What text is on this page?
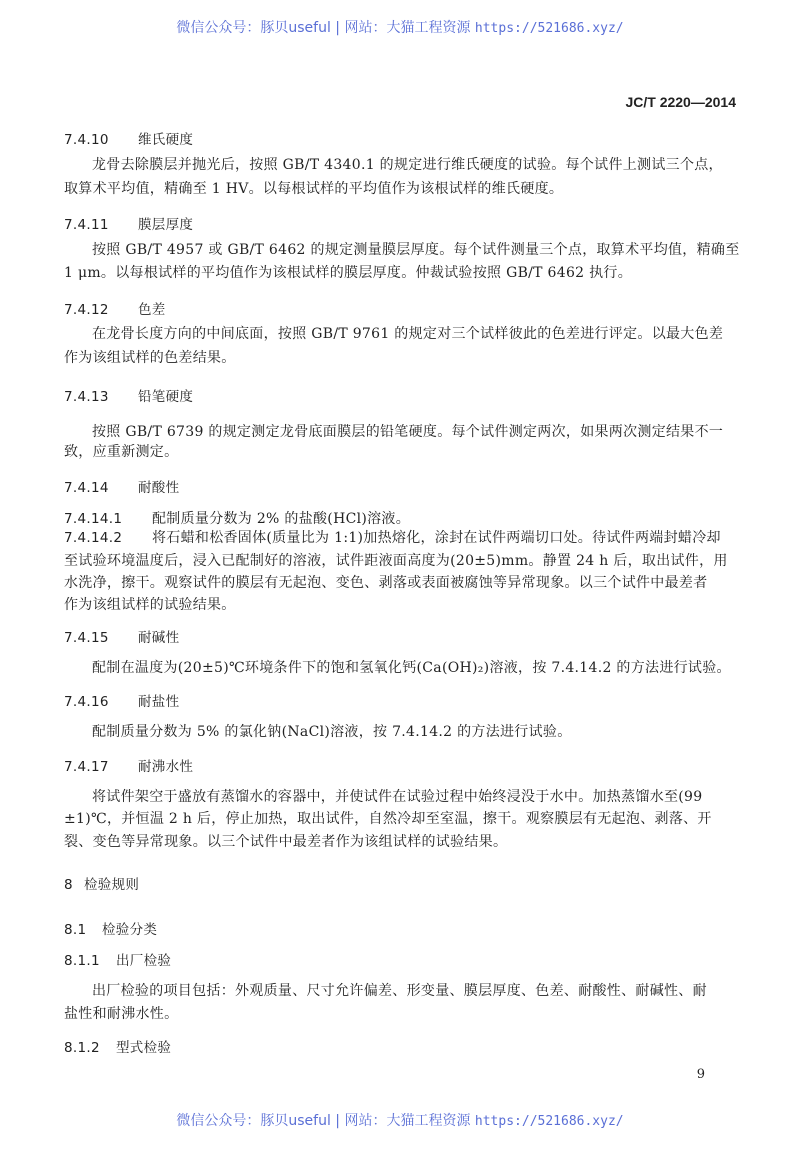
微信公众号：豚贝useful | 网站：大猫工程资源 https://521686.xyz/
JC/T 2220—2014
7.4.10 维氏硬度
龙骨去除膜层并抛光后，按照 GB/T 4340.1 的规定进行维氏硬度的试验。每个试件上测试三个点，
取算术平均值，精确至 1 HV。以每根试样的平均值作为该根试样的维氏硬度。
7.4.11 膜层厚度
按照 GB/T 4957 或 GB/T 6462 的规定测量膜层厚度。每个试件测量三个点，取算术平均值，精确至
1 μm。以每根试样的平均值作为该根试样的膜层厚度。仲裁试验按照 GB/T 6462 执行。
7.4.12 色差
在龙骨长度方向的中间底面，按照 GB/T 9761 的规定对三个试样彼此的色差进行评定。以最大色差
作为该组试样的色差结果。
7.4.13 铅笔硬度
按照 GB/T 6739 的规定测定龙骨底面膜层的铅笔硬度。每个试件测定两次，如果两次测定结果不一
致，应重新测定。
7.4.14 耐酸性
7.4.14.1 配制质量分数为 2% 的盐酸(HCl)溶液。
7.4.14.2 将石蜡和松香固体(质量比为 1:1)加热熔化，涂封在试件两端切口处。待试件两端封蜡冷却
至试验环境温度后，浸入已配制好的溶液，试件距液面高度为(20±5)mm。静置 24 h 后，取出试件，用
水洗净，擦干。观察试件的膜层有无起泡、变色、剥落或表面被腐蚀等异常现象。以三个试件中最差者
作为该组试样的试验结果。
7.4.15 耐碱性
配制在温度为(20±5)℃环境条件下的饱和氢氧化钙(Ca(OH)₂)溶液，按 7.4.14.2 的方法进行试验。
7.4.16 耐盐性
配制质量分数为 5% 的氯化钠(NaCl)溶液，按 7.4.14.2 的方法进行试验。
7.4.17 耐沸水性
将试件架空于盛放有蒸馏水的容器中，并使试件在试验过程中始终浸没于水中。加热蒸馏水至(99
±1)℃，并恒温 2 h 后，停止加热，取出试件，自然冷却至室温，擦干。观察膜层有无起泡、剥落、开
裂、变色等异常现象。以三个试件中最差者作为该组试样的试验结果。
8 检验规则
8.1 检验分类
8.1.1 出厂检验
出厂检验的项目包括：外观质量、尺寸允许偏差、形变量、膜层厚度、色差、耐酸性、耐碱性、耐
盐性和耐沸水性。
8.1.2 型式检验
9
微信公众号：豚贝useful | 网站：大猫工程资源 https://521686.xyz/
